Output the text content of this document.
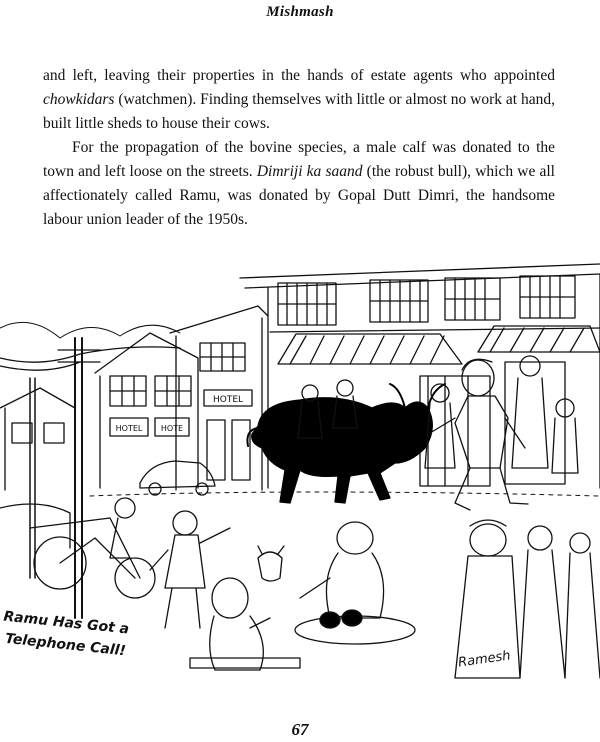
Mishmash

and left, leaving their properties in the hands of estate agents who appointed chowkidars (watchmen). Finding themselves with little or almost no work at hand, built little sheds to house their cows.

For the propagation of the bovine species, a male calf was donated to the town and left loose on the streets. Dimriji ka saand (the robust bull), which we all affectionately called Ramu, was donated by Gopal Dutt Dimri, the handsome labour union leader of the 1950s.

HOTEL
HOTEL HOTE
Ramu Has Got a
Telephone Call!
Ramesh
67
